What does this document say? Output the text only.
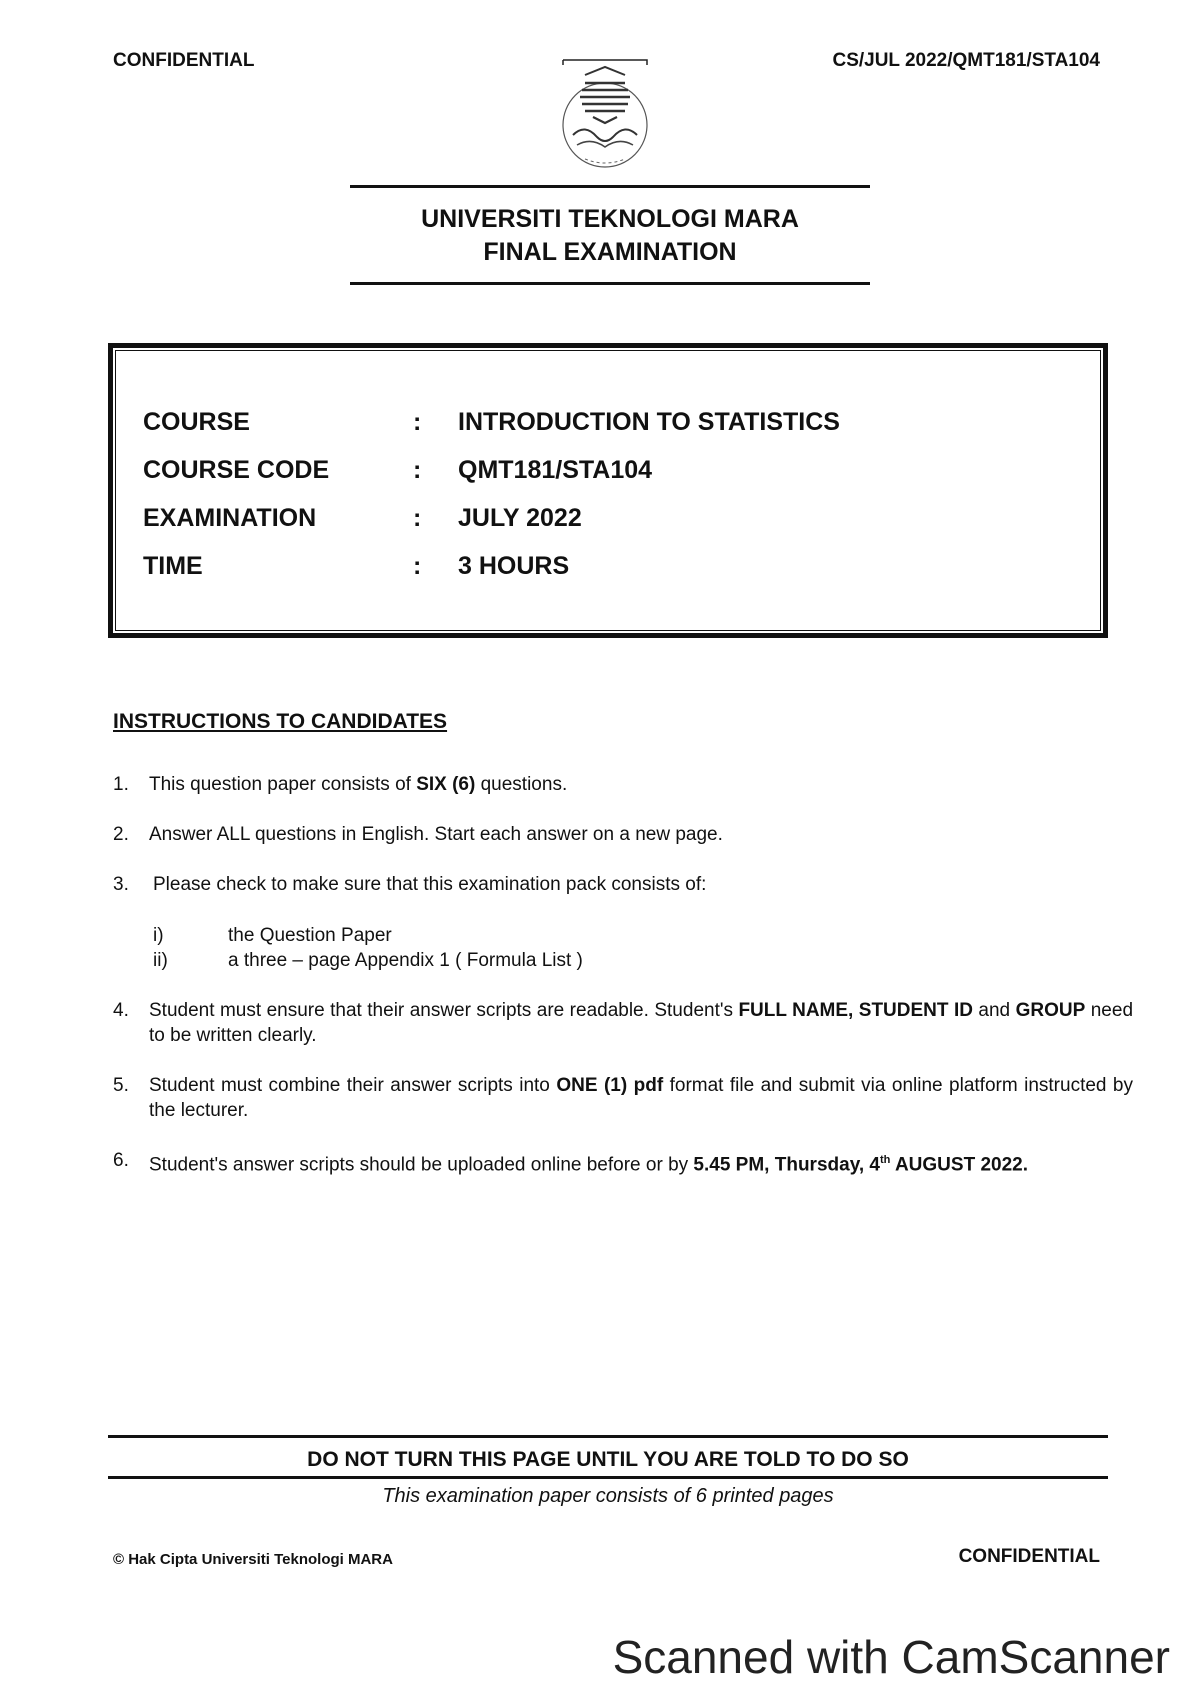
CONFIDENTIAL	CS/JUL 2022/QMT181/STA104
UNIVERSITI TEKNOLOGI MARA
FINAL EXAMINATION
COURSE	: INTRODUCTION TO STATISTICS
COURSE CODE	: QMT181/STA104
EXAMINATION	: JULY 2022
TIME	: 3 HOURS
INSTRUCTIONS TO CANDIDATES
1. This question paper consists of SIX (6) questions.
2. Answer ALL questions in English. Start each answer on a new page.
3. Please check to make sure that this examination pack consists of:
i)	the Question Paper
ii)	a three – page Appendix 1 ( Formula List )
4. Student must ensure that their answer scripts are readable. Student's FULL NAME, STUDENT ID and GROUP need to be written clearly.
5. Student must combine their answer scripts into ONE (1) pdf format file and submit via online platform instructed by the lecturer.
6. Student's answer scripts should be uploaded online before or by 5.45 PM, Thursday, 4th AUGUST 2022.
DO NOT TURN THIS PAGE UNTIL YOU ARE TOLD TO DO SO
This examination paper consists of 6 printed pages
© Hak Cipta Universiti Teknologi MARA	CONFIDENTIAL
Scanned with CamScanner
